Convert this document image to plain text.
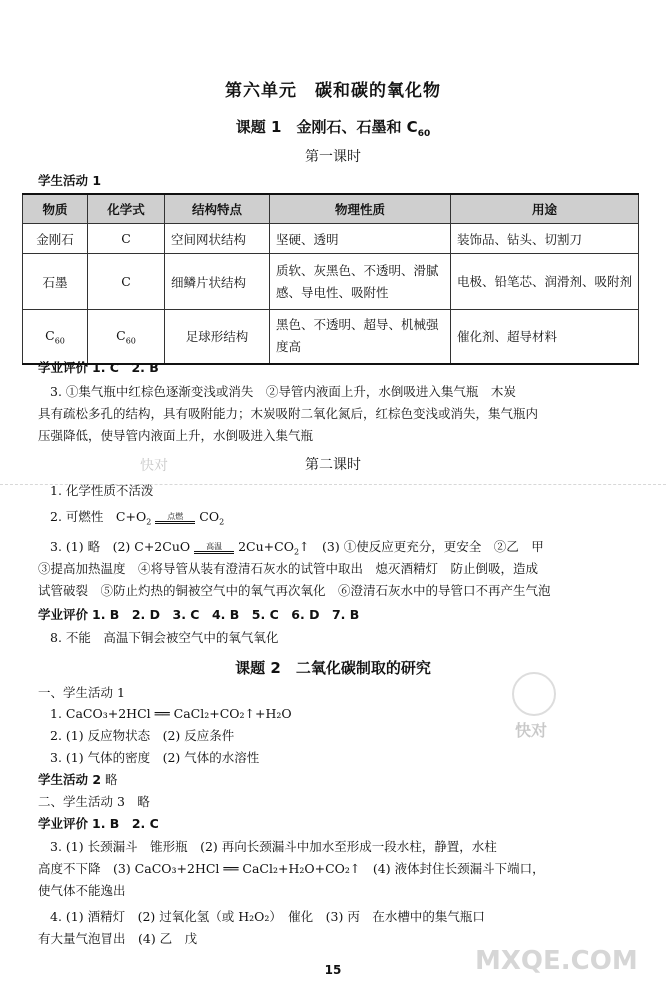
第六单元　碳和碳的氧化物
课题 1　金刚石、石墨和 $C_{60}$
第一课时
学生活动 1
物质	化学式	结构特点	物理性质	用途
金刚石	C	空间网状结构	坚硬、透明	装饰品、钻头、切割刀
石墨	C	细鳞片状结构	质软、灰黑色、不透明、滑腻感、导电性、吸附性	电极、铅笔芯、润滑剂、吸附剂
$C_{60}$	$C_{60}$	足球形结构	黑色、不透明、超导、机械强度高	催化剂、超导材料
学业评价 1. C　2. B
3. ①集气瓶中红棕色逐渐变浅或消失　②导管内液面上升，水倒吸进入集气瓶　木炭
具有疏松多孔的结构，具有吸附能力；木炭吸附二氧化氮后，红棕色变浅或消失，集气瓶内
压强降低，使导管内液面上升，水倒吸进入集气瓶
第二课时
1. 化学性质不活泼
2. 可燃性　$C+O_2$
点燃	$CO_2$
3. (1) 略　(2) C+2CuO	高温	$2Cu+CO_2↑$　(3) ①使反应更充分，更安全　②乙　甲
③提高加热温度　④将导管从装有澄清石灰水的试管中取出　熄灭酒精灯　防止倒吸，造成
试管破裂　⑤防止灼热的铜被空气中的氧气再次氧化　⑥澄清石灰水中的导管口不再产生气泡
学业评价 1. B　2. D　3. C　4. B　5. C　6. D　7. B
8. 不能　高温下铜会被空气中的氧气氧化
课题 2　二氧化碳制取的研究
一、学生活动 1
1. CaCO₃+2HCl ══ CaCl₂+CO₂↑+H₂O
2. (1) 反应物状态　(2) 反应条件
3. (1) 气体的密度　(2) 气体的水溶性
学生活动 2 略
二、学生活动 3　略
学业评价 1. B　2. C
3. (1) 长颈漏斗　锥形瓶　(2) 再向长颈漏斗中加水至形成一段水柱，静置，水柱
高度不下降　(3) CaCO₃+2HCl ══ CaCl₂+H₂O+CO₂↑　(4) 液体封住长颈漏斗下端口，
使气体不能逸出
4. (1) 酒精灯　(2) 过氧化氢（或 H₂O₂）　催化　(3) 丙　在水槽中的集气瓶口
有大量气泡冒出　(4) 乙　戊
15
快对
快对
MXQE.COM
